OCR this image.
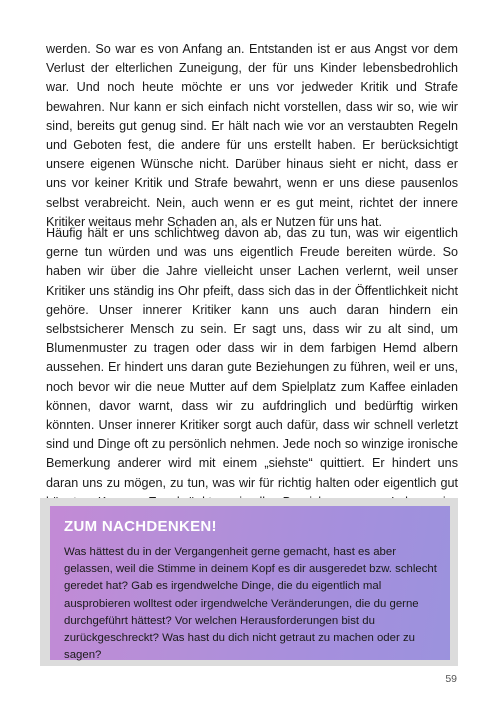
werden. So war es von Anfang an. Entstanden ist er aus Angst vor dem Verlust der elterlichen Zuneigung, der für uns Kinder lebensbedrohlich war. Und noch heute möchte er uns vor jedweder Kritik und Strafe bewahren. Nur kann er sich einfach nicht vorstellen, dass wir so, wie wir sind, bereits gut genug sind. Er hält nach wie vor an verstaubten Regeln und Geboten fest, die andere für uns erstellt haben. Er berücksichtigt unsere eigenen Wünsche nicht. Darüber hinaus sieht er nicht, dass er uns vor keiner Kritik und Strafe bewahrt, wenn er uns diese pausenlos selbst verabreicht. Nein, auch wenn er es gut meint, richtet der innere Kritiker weitaus mehr Schaden an, als er Nutzen für uns hat.

Häufig hält er uns schlichtweg davon ab, das zu tun, was wir eigentlich gerne tun würden und was uns eigentlich Freude bereiten würde. So haben wir über die Jahre vielleicht unser Lachen verlernt, weil unser Kritiker uns ständig ins Ohr pfeift, dass sich das in der Öffentlichkeit nicht gehöre. Unser innerer Kritiker kann uns auch daran hindern ein selbstsicherer Mensch zu sein. Er sagt uns, dass wir zu alt sind, um Blumenmuster zu tragen oder dass wir in dem farbigen Hemd albern aussehen. Er hindert uns daran gute Beziehungen zu führen, weil er uns, noch bevor wir die neue Mutter auf dem Spielplatz zum Kaffee einladen können, davor warnt, dass wir zu aufdringlich und bedürftig wirken könnten. Unser innerer Kritiker sorgt auch dafür, dass wir schnell verletzt sind und Dinge oft zu persönlich nehmen. Jede noch so winzige ironische Bemerkung anderer wird mit einem „siehste“ quittiert. Er hindert uns daran uns zu mögen, zu tun, was wir für richtig halten oder eigentlich gut

ZUM NACHDENKEN!

Was hättest du in der Vergangenheit gerne gemacht, hast es aber gelassen, weil die Stimme in deinem Kopf es dir ausgeredet bzw. schlecht geredet hat? Gab es irgendwelche Dinge, die du eigentlich mal ausprobieren wolltest oder irgendwelche Veränderungen, die du gerne durchgeführt hättest? Vor welchen Herausforderungen bist du zurückgeschreckt? Was hast du dich nicht getraut zu machen oder zu sagen?

59
